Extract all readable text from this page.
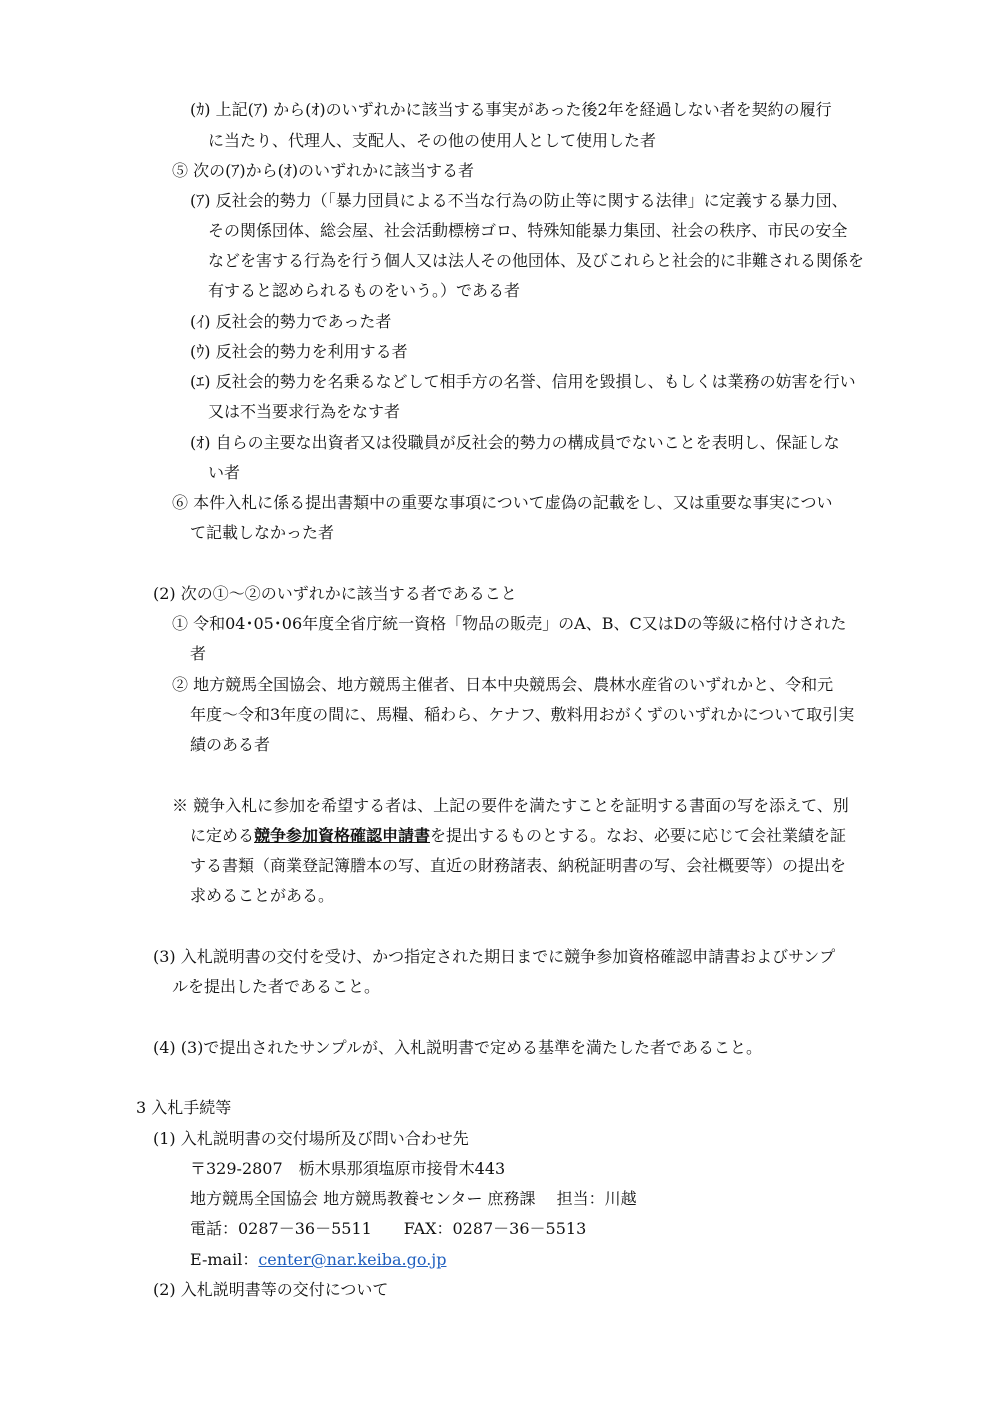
(ｶ) 上記(ｱ) から(ｵ)のいずれかに該当する事実があった後2年を経過しない者を契約の履行
に当たり、代理人、支配人、その他の使用人として使用した者
⑤ 次の(ｱ)から(ｵ)のいずれかに該当する者
(ｱ) 反社会的勢力（「暴力団員による不当な行為の防止等に関する法律」に定義する暴力団、
その関係団体、総会屋、社会活動標榜ゴロ、特殊知能暴力集団、社会の秩序、市民の安全
などを害する行為を行う個人又は法人その他団体、及びこれらと社会的に非難される関係を
有すると認められるものをいう。）である者
(ｲ) 反社会的勢力であった者
(ｳ) 反社会的勢力を利用する者
(ｴ) 反社会的勢力を名乗るなどして相手方の名誉、信用を毀損し、もしくは業務の妨害を行い
又は不当要求行為をなす者
(ｵ) 自らの主要な出資者又は役職員が反社会的勢力の構成員でないことを表明し、保証しな
い者
⑥ 本件入札に係る提出書類中の重要な事項について虚偽の記載をし、又は重要な事実につい
て記載しなかった者
(2) 次の①～②のいずれかに該当する者であること
① 令和04･05･06年度全省庁統一資格「物品の販売」のA、B、C又はDの等級に格付けされた
者
② 地方競馬全国協会、地方競馬主催者、日本中央競馬会、農林水産省のいずれかと、令和元
年度～令和3年度の間に、馬糧、稲わら、ケナフ、敷料用おがくずのいずれかについて取引実
績のある者
※ 競争入札に参加を希望する者は、上記の要件を満たすことを証明する書面の写を添えて、別
に定める競争参加資格確認申請書を提出するものとする。なお、必要に応じて会社業績を証
する書類（商業登記簿謄本の写、直近の財務諸表、納税証明書の写、会社概要等）の提出を
求めることがある。
(3) 入札説明書の交付を受け、かつ指定された期日までに競争参加資格確認申請書およびサンプ
ルを提出した者であること。
(4) (3)で提出されたサンプルが、入札説明書で定める基準を満たした者であること。
3 入札手続等
(1) 入札説明書の交付場所及び問い合わせ先
〒329-2807　栃木県那須塩原市接骨木443
地方競馬全国協会 地方競馬教養センター 庶務課　 担当：川越
電話：0287－36－5511　　FAX：0287－36－5513
E-mail：center@nar.keiba.go.jp
(2) 入札説明書等の交付について
